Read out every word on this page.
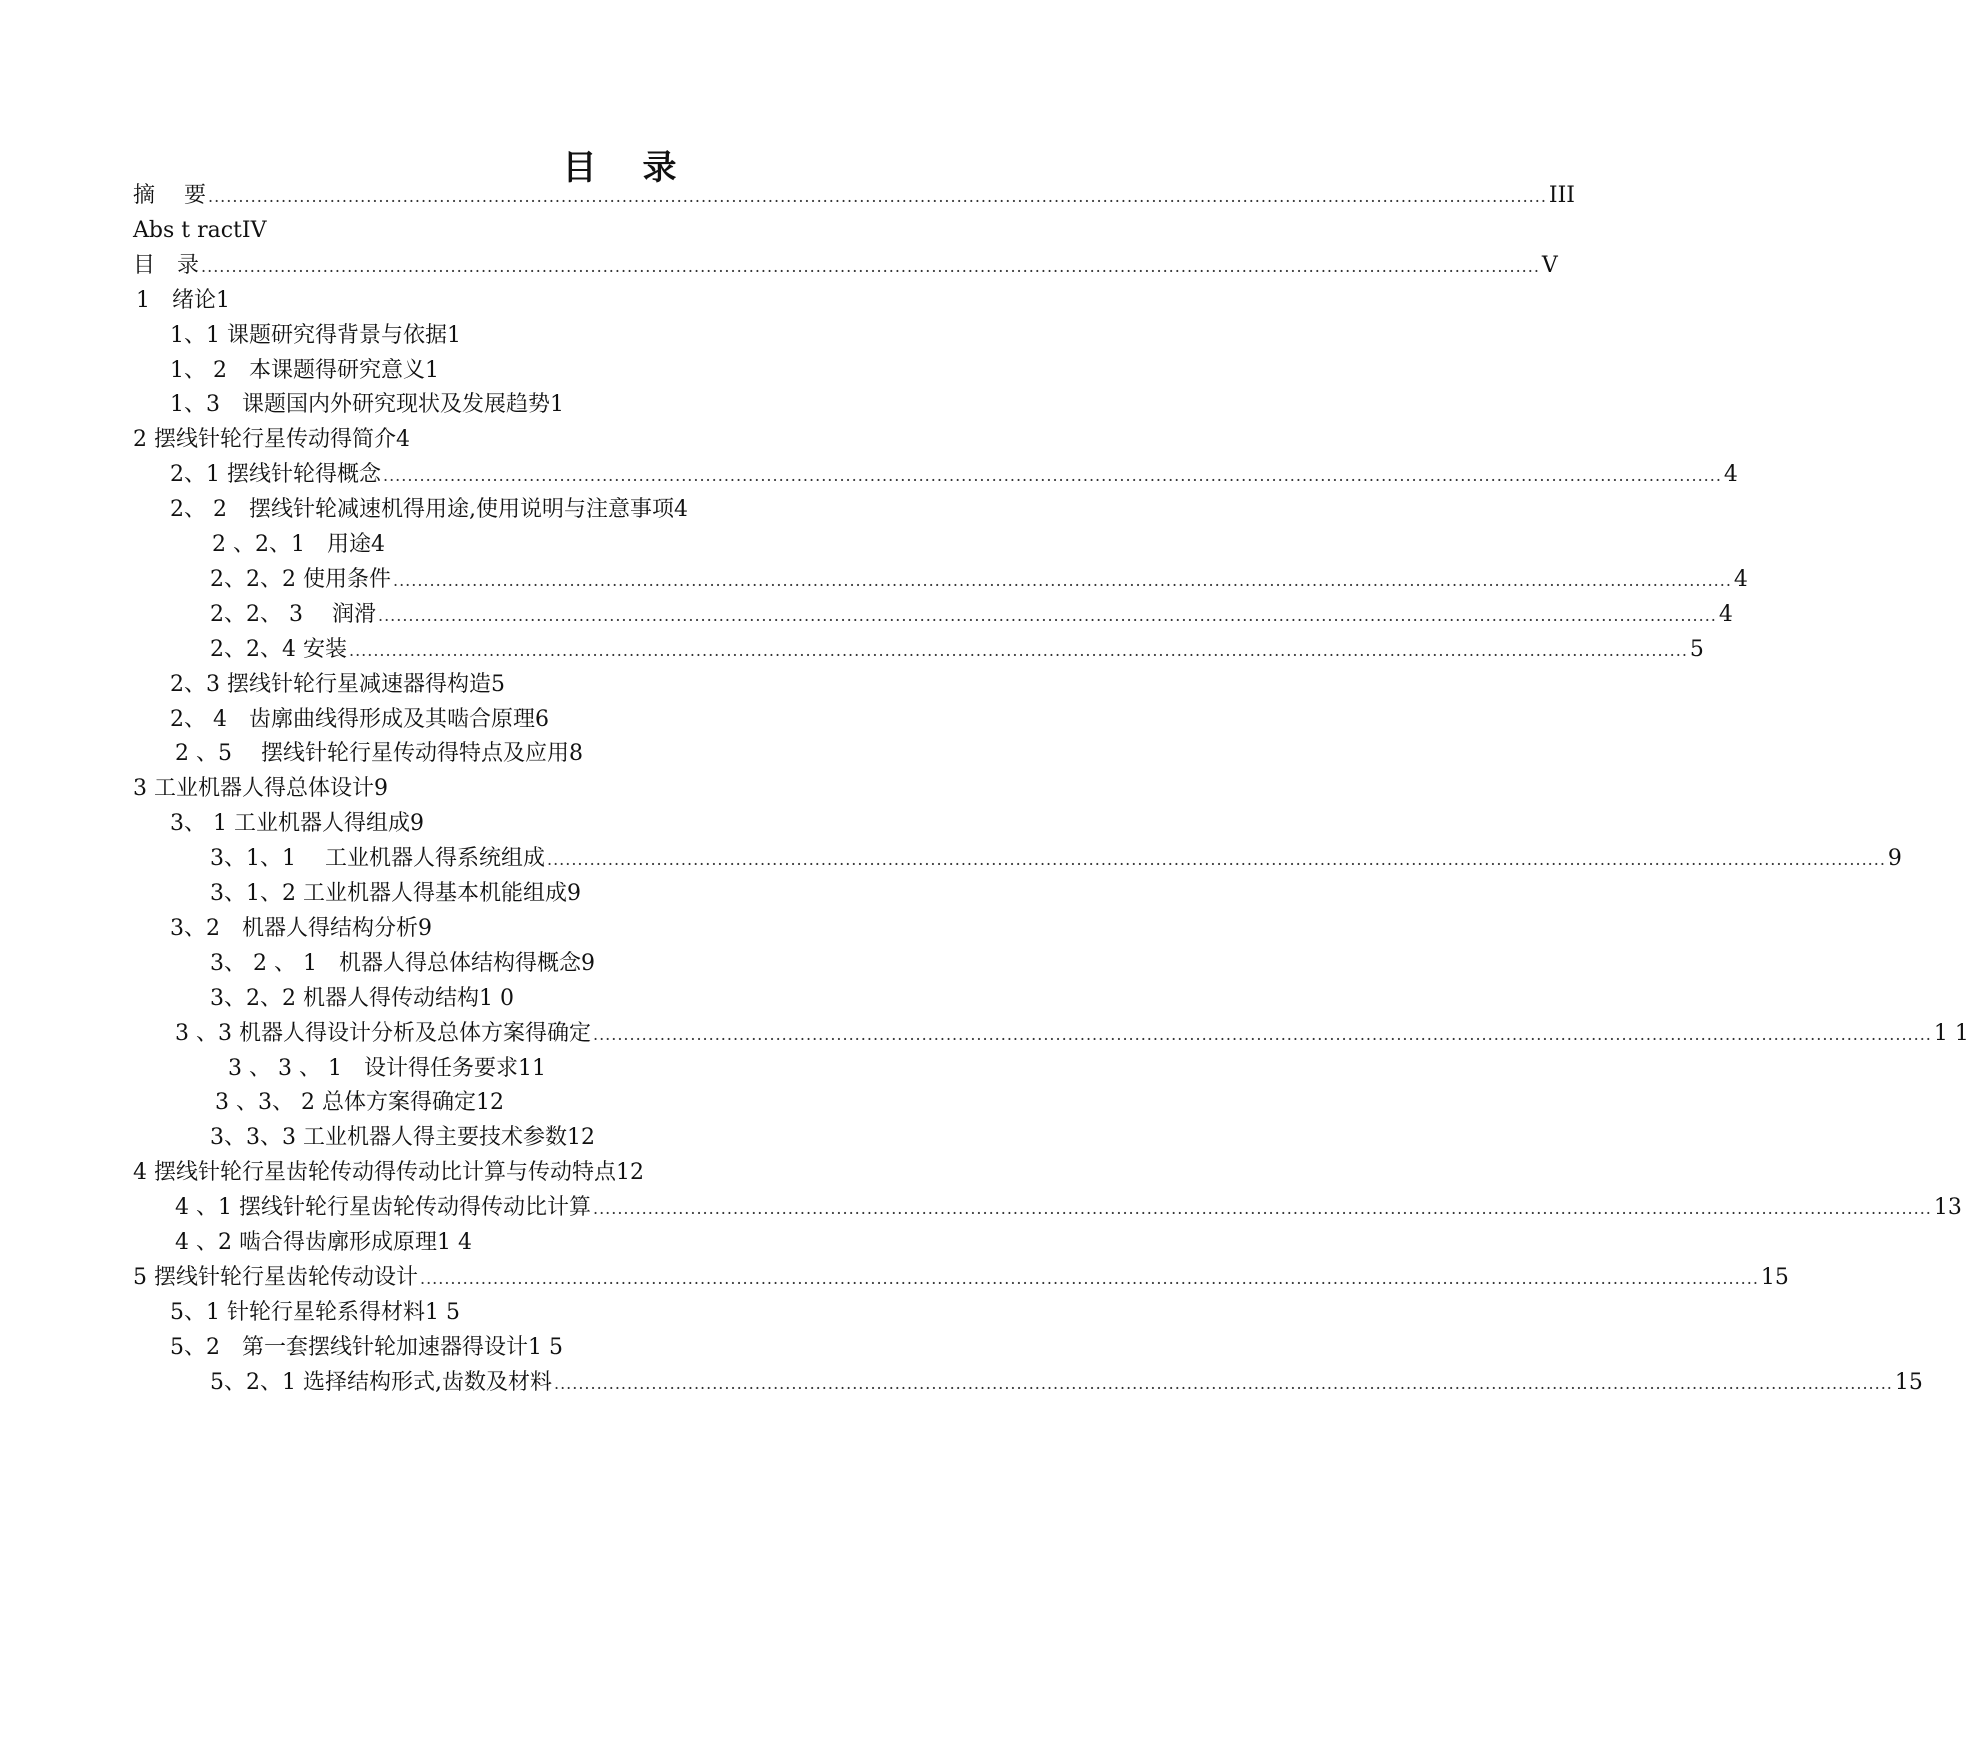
目 录
摘　 要 ............................................................................................................................................................................................................................ III
Abs t ract IV
目　录 ............................................................................................................................................................................................................................ V
1　绪论 1
1、1 课题研究得背景与依据 1
1、 2　本课题得研究意义 1
1、3　课题国内外研究现状及发展趋势 1
2 摆线针轮行星传动得简介 4
2、1 摆线针轮得概念 ............................................................................................................................................................................................................................ 4
2、 2　摆线针轮减速机得用途,使用说明与注意事项 4
2 、2、1　用途 4
2、2、2 使用条件 ............................................................................................................................................................................................................................ 4
2、2、 3　 润滑 ............................................................................................................................................................................................................................ 4
2、2、4 安装 ............................................................................................................................................................................................................................ 5
2、3 摆线针轮行星减速器得构造 5
2、 4　齿廓曲线得形成及其啮合原理 6
2 、5　 摆线针轮行星传动得特点及应用 8
3 工业机器人得总体设计 9
3、 1 工业机器人得组成 9
3、1、1　 工业机器人得系统组成 ............................................................................................................................................................................................................................ 9
3、1、2 工业机器人得基本机能组成 9
3、2　机器人得结构分析 9
3、 2 、 1　机器人得总体结构得概念 9
3、2、2 机器人得传动结构 1 0
3 、3 机器人得设计分析及总体方案得确定 ............................................................................................................................................................................................................................ 1 1
3 、 3 、 1　设计得任务要求 11
3 、3、 2 总体方案得确定 12
3、3、3 工业机器人得主要技术参数 12
4 摆线针轮行星齿轮传动得传动比计算与传动特点 12
4 、1 摆线针轮行星齿轮传动得传动比计算 ............................................................................................................................................................................................................................ 13
4 、2 啮合得齿廓形成原理 1 4
5 摆线针轮行星齿轮传动设计 ............................................................................................................................................................................................................................ 15
5、1 针轮行星轮系得材料 1 5
5、2　第一套摆线针轮加速器得设计 1 5
5、2、1 选择结构形式,齿数及材料 ............................................................................................................................................................................................................................ 15
